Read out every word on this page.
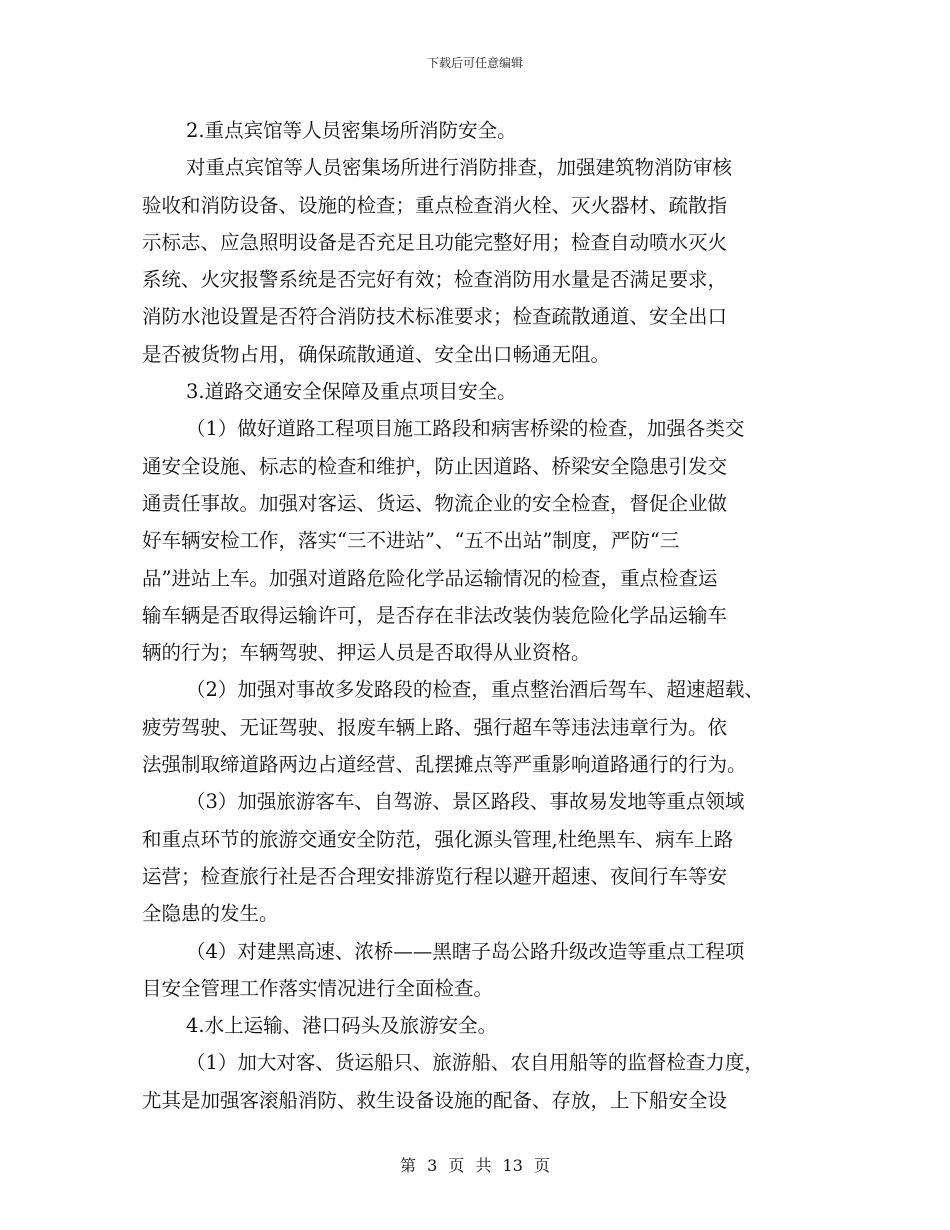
下载后可任意编辑
2.重点宾馆等人员密集场所消防安全。
对重点宾馆等人员密集场所进行消防排查，加强建筑物消防审核
验收和消防设备、设施的检查；重点检查消火栓、灭火器材、疏散指
示标志、应急照明设备是否充足且功能完整好用；检查自动喷水灭火
系统、火灾报警系统是否完好有效；检查消防用水量是否满足要求，
消防水池设置是否符合消防技术标准要求；检查疏散通道、安全出口
是否被货物占用，确保疏散通道、安全出口畅通无阻。
3.道路交通安全保障及重点项目安全。
（1）做好道路工程项目施工路段和病害桥梁的检查，加强各类交
通安全设施、标志的检查和维护，防止因道路、桥梁安全隐患引发交
通责任事故。加强对客运、货运、物流企业的安全检查，督促企业做
好车辆安检工作，落实“三不进站”、“五不出站”制度，严防“三
品”进站上车。加强对道路危险化学品运输情况的检查，重点检查运
输车辆是否取得运输许可，是否存在非法改装伪装危险化学品运输车
辆的行为；车辆驾驶、押运人员是否取得从业资格。
（2）加强对事故多发路段的检查，重点整治酒后驾车、超速超载、
疲劳驾驶、无证驾驶、报废车辆上路、强行超车等违法违章行为。依
法强制取缔道路两边占道经营、乱摆摊点等严重影响道路通行的行为。
（3）加强旅游客车、自驾游、景区路段、事故易发地等重点领域
和重点环节的旅游交通安全防范，强化源头管理,杜绝黑车、病车上路
运营；检查旅行社是否合理安排游览行程以避开超速、夜间行车等安
全隐患的发生。
（4）对建黑高速、浓桥——黑瞎子岛公路升级改造等重点工程项
目安全管理工作落实情况进行全面检查。
4.水上运输、港口码头及旅游安全。
（1）加大对客、货运船只、旅游船、农自用船等的监督检查力度，
尤其是加强客滚船消防、救生设备设施的配备、存放，上下船安全设
第 3 页 共 13 页
